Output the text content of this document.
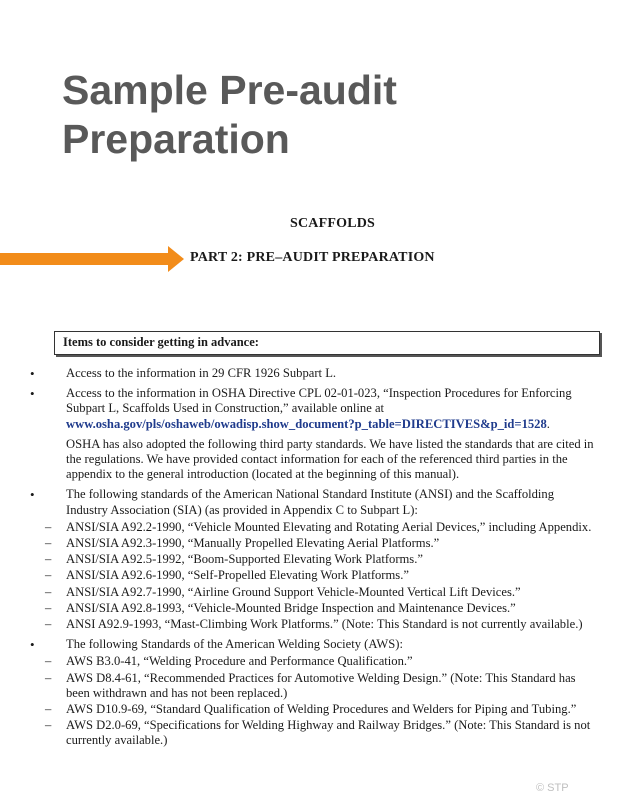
Sample Pre-audit Preparation
SCAFFOLDS
PART 2: PRE–AUDIT PREPARATION
Items to consider getting in advance:
•	Access to the information in 29 CFR 1926 Subpart L.
•	Access to the information in OSHA Directive CPL 02-01-023, “Inspection Procedures for Enforcing Subpart L, Scaffolds Used in Construction,” available online at www.osha.gov/pls/oshaweb/owadisp.show_document?p_table=DIRECTIVES&p_id=1528.
OSHA has also adopted the following third party standards. We have listed the standards that are cited in the regulations. We have provided contact information for each of the referenced third parties in the appendix to the general introduction (located at the beginning of this manual).
•	The following standards of the American National Standard Institute (ANSI) and the Scaffolding Industry Association (SIA) (as provided in Appendix C to Subpart L):
– ANSI/SIA A92.2-1990, “Vehicle Mounted Elevating and Rotating Aerial Devices,” including Appendix.
– ANSI/SIA A92.3-1990, “Manually Propelled Elevating Aerial Platforms.”
– ANSI/SIA A92.5-1992, “Boom-Supported Elevating Work Platforms.”
– ANSI/SIA A92.6-1990, “Self-Propelled Elevating Work Platforms.”
– ANSI/SIA A92.7-1990, “Airline Ground Support Vehicle-Mounted Vertical Lift Devices.”
– ANSI/SIA A92.8-1993, “Vehicle-Mounted Bridge Inspection and Maintenance Devices.”
– ANSI A92.9-1993, “Mast-Climbing Work Platforms.” (Note: This Standard is not currently available.)
•	The following Standards of the American Welding Society (AWS):
– AWS B3.0-41, “Welding Procedure and Performance Qualification.”
– AWS D8.4-61, “Recommended Practices for Automotive Welding Design.” (Note: This Standard has been withdrawn and has not been replaced.)
– AWS D10.9-69, “Standard Qualification of Welding Procedures and Welders for Piping and Tubing.”
– AWS D2.0-69, “Specifications for Welding Highway and Railway Bridges.” (Note: This Standard is not currently available.)
© STP
